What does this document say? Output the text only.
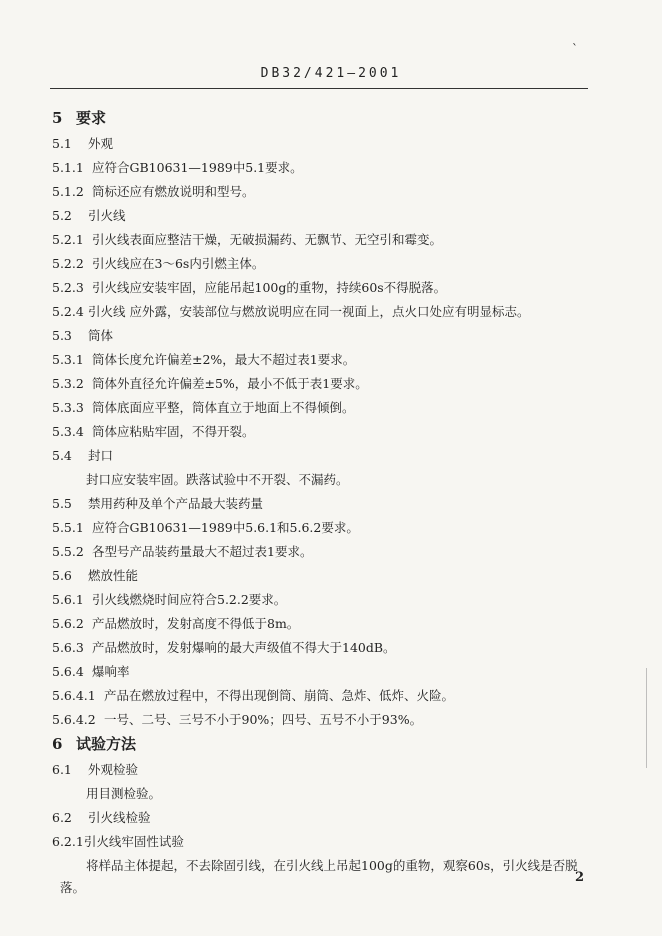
ˋ
DB32/421—2001
5 要求
5.1 外观
5.1.1 应符合GB10631—1989中5.1要求。
5.1.2 筒标还应有燃放说明和型号。
5.2 引火线
5.2.1 引火线表面应整洁干燥，无破损漏药、无飘节、无空引和霉变。
5.2.2 引火线应在3～6s内引燃主体。
5.2.3 引火线应安装牢固，应能吊起100g的重物，持续60s不得脱落。
5.2.4 引火线 应外露，安装部位与燃放说明应在同一视面上，点火口处应有明显标志。
5.3 筒体
5.3.1 筒体长度允许偏差±2%，最大不超过表1要求。
5.3.2 筒体外直径允许偏差±5%，最小不低于表1要求。
5.3.3 筒体底面应平整，筒体直立于地面上不得倾倒。
5.3.4 筒体应粘贴牢固，不得开裂。
5.4 封口
封口应安装牢固。跌落试验中不开裂、不漏药。
5.5 禁用药种及单个产品最大装药量
5.5.1 应符合GB10631—1989中5.6.1和5.6.2要求。
5.5.2 各型号产品装药量最大不超过表1要求。
5.6 燃放性能
5.6.1 引火线燃烧时间应符合5.2.2要求。
5.6.2 产品燃放时，发射高度不得低于8m。
5.6.3 产品燃放时，发射爆响的最大声级值不得大于140dB。
5.6.4 爆响率
5.6.4.1 产品在燃放过程中，不得出现倒筒、崩筒、急炸、低炸、火险。
5.6.4.2 一号、二号、三号不小于90%；四号、五号不小于93%。
6 试验方法
6.1 外观检验
用目测检验。
6.2 引火线检验
6.2.1引火线牢固性试验
将样品主体提起，不去除固引线，在引火线上吊起100g的重物，观察60s，引火线是否脱
落。
2
